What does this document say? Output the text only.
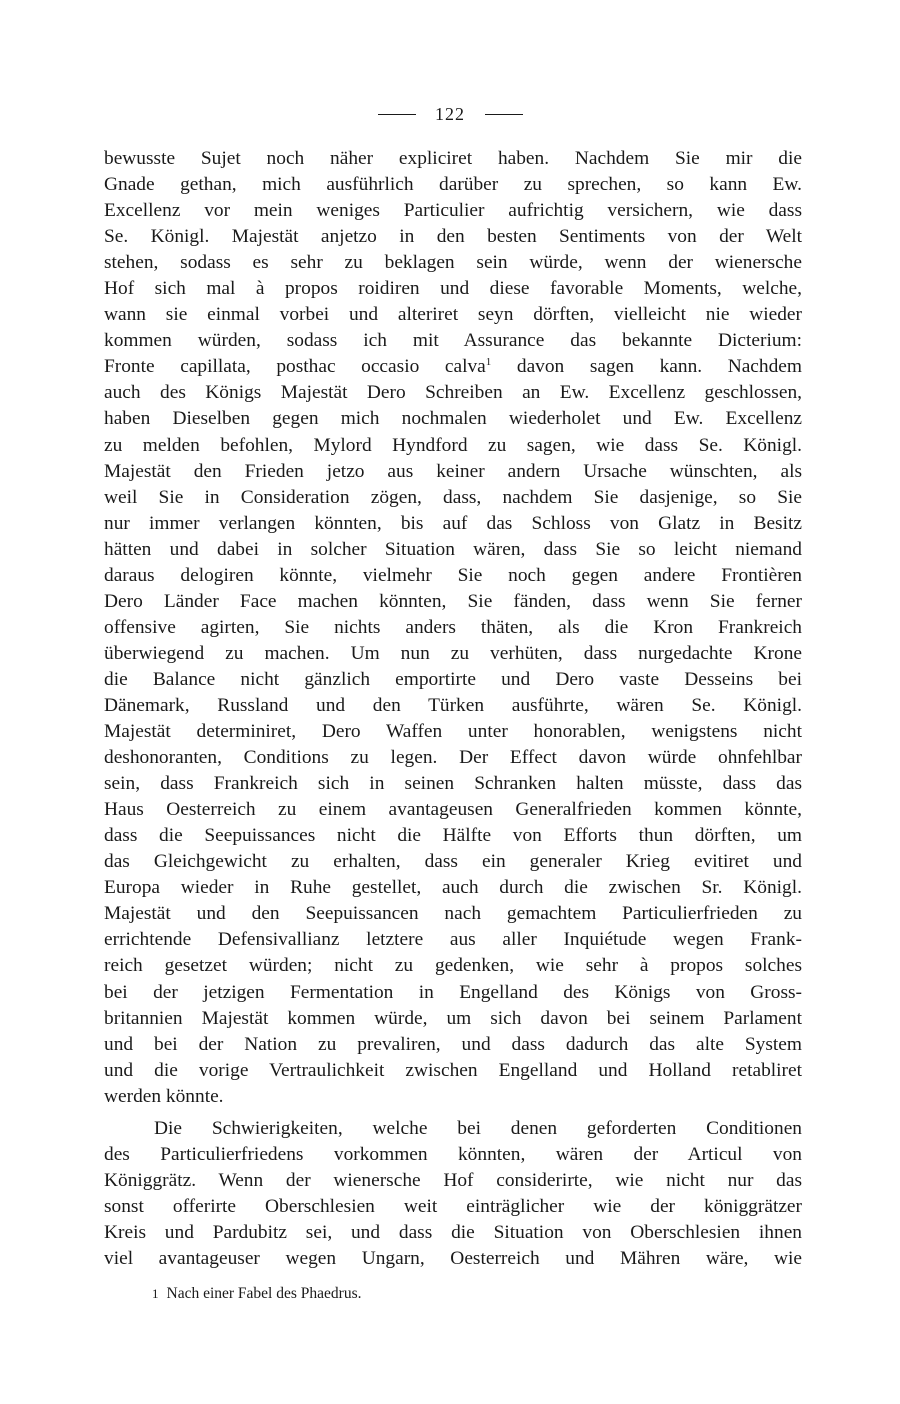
122
bewusste Sujet noch näher expliciret haben. Nachdem Sie mir die
Gnade gethan, mich ausführlich darüber zu sprechen, so kann Ew.
Excellenz vor mein weniges Particulier aufrichtig versichern, wie dass
Se. Königl. Majestät anjetzo in den besten Sentiments von der Welt
stehen, sodass es sehr zu beklagen sein würde, wenn der wienersche
Hof sich mal à propos roidiren und diese favorable Moments, welche,
wann sie einmal vorbei und alteriret seyn dörften, vielleicht nie wieder
kommen würden, sodass ich mit Assurance das bekannte Dicterium:
Fronte capillata, posthac occasio calva$^1$ davon sagen kann. Nachdem
auch des Königs Majestät Dero Schreiben an Ew. Excellenz geschlossen,
haben Dieselben gegen mich nochmalen wiederholet und Ew. Excellenz
zu melden befohlen, Mylord Hyndford zu sagen, wie dass Se. Königl.
Majestät den Frieden jetzo aus keiner andern Ursache wünschten, als
weil Sie in Consideration zögen, dass, nachdem Sie dasjenige, so Sie
nur immer verlangen könnten, bis auf das Schloss von Glatz in Besitz
hätten und dabei in solcher Situation wären, dass Sie so leicht niemand
daraus delogiren könnte, vielmehr Sie noch gegen andere Frontièren
Dero Länder Face machen könnten, Sie fänden, dass wenn Sie ferner
offensive agirten, Sie nichts anders thäten, als die Kron Frankreich
überwiegend zu machen. Um nun zu verhüten, dass nurgedachte Krone
die Balance nicht gänzlich emportirte und Dero vaste Desseins bei
Dänemark, Russland und den Türken ausführte, wären Se. Königl.
Majestät determiniret, Dero Waffen unter honorablen, wenigstens nicht
deshonoranten, Conditions zu legen. Der Effect davon würde ohnfehlbar
sein, dass Frankreich sich in seinen Schranken halten müsste, dass das
Haus Oesterreich zu einem avantageusen Generalfrieden kommen könnte,
dass die Seepuissances nicht die Hälfte von Efforts thun dörften, um
das Gleichgewicht zu erhalten, dass ein generaler Krieg evitiret und
Europa wieder in Ruhe gestellet, auch durch die zwischen Sr. Königl.
Majestät und den Seepuissancen nach gemachtem Particulierfrieden zu
errichtende Defensivallianz letztere aus aller Inquiétude wegen Frank-
reich gesetzet würden; nicht zu gedenken, wie sehr à propos solches
bei der jetzigen Fermentation in Engelland des Königs von Gross-
britannien Majestät kommen würde, um sich davon bei seinem Parlament
und bei der Nation zu prevaliren, und dass dadurch das alte System
und die vorige Vertraulichkeit zwischen Engelland und Holland retabliret
werden könnte.
Die Schwierigkeiten, welche bei denen geforderten Conditionen
des Particulierfriedens vorkommen könnten, wären der Articul von
Königgrätz. Wenn der wienersche Hof considerirte, wie nicht nur das
sonst offerirte Oberschlesien weit einträglicher wie der königgrätzer
Kreis und Pardubitz sei, und dass die Situation von Oberschlesien ihnen
viel avantageuser wegen Ungarn, Oesterreich und Mähren wäre, wie
1 Nach einer Fabel des Phaedrus.
